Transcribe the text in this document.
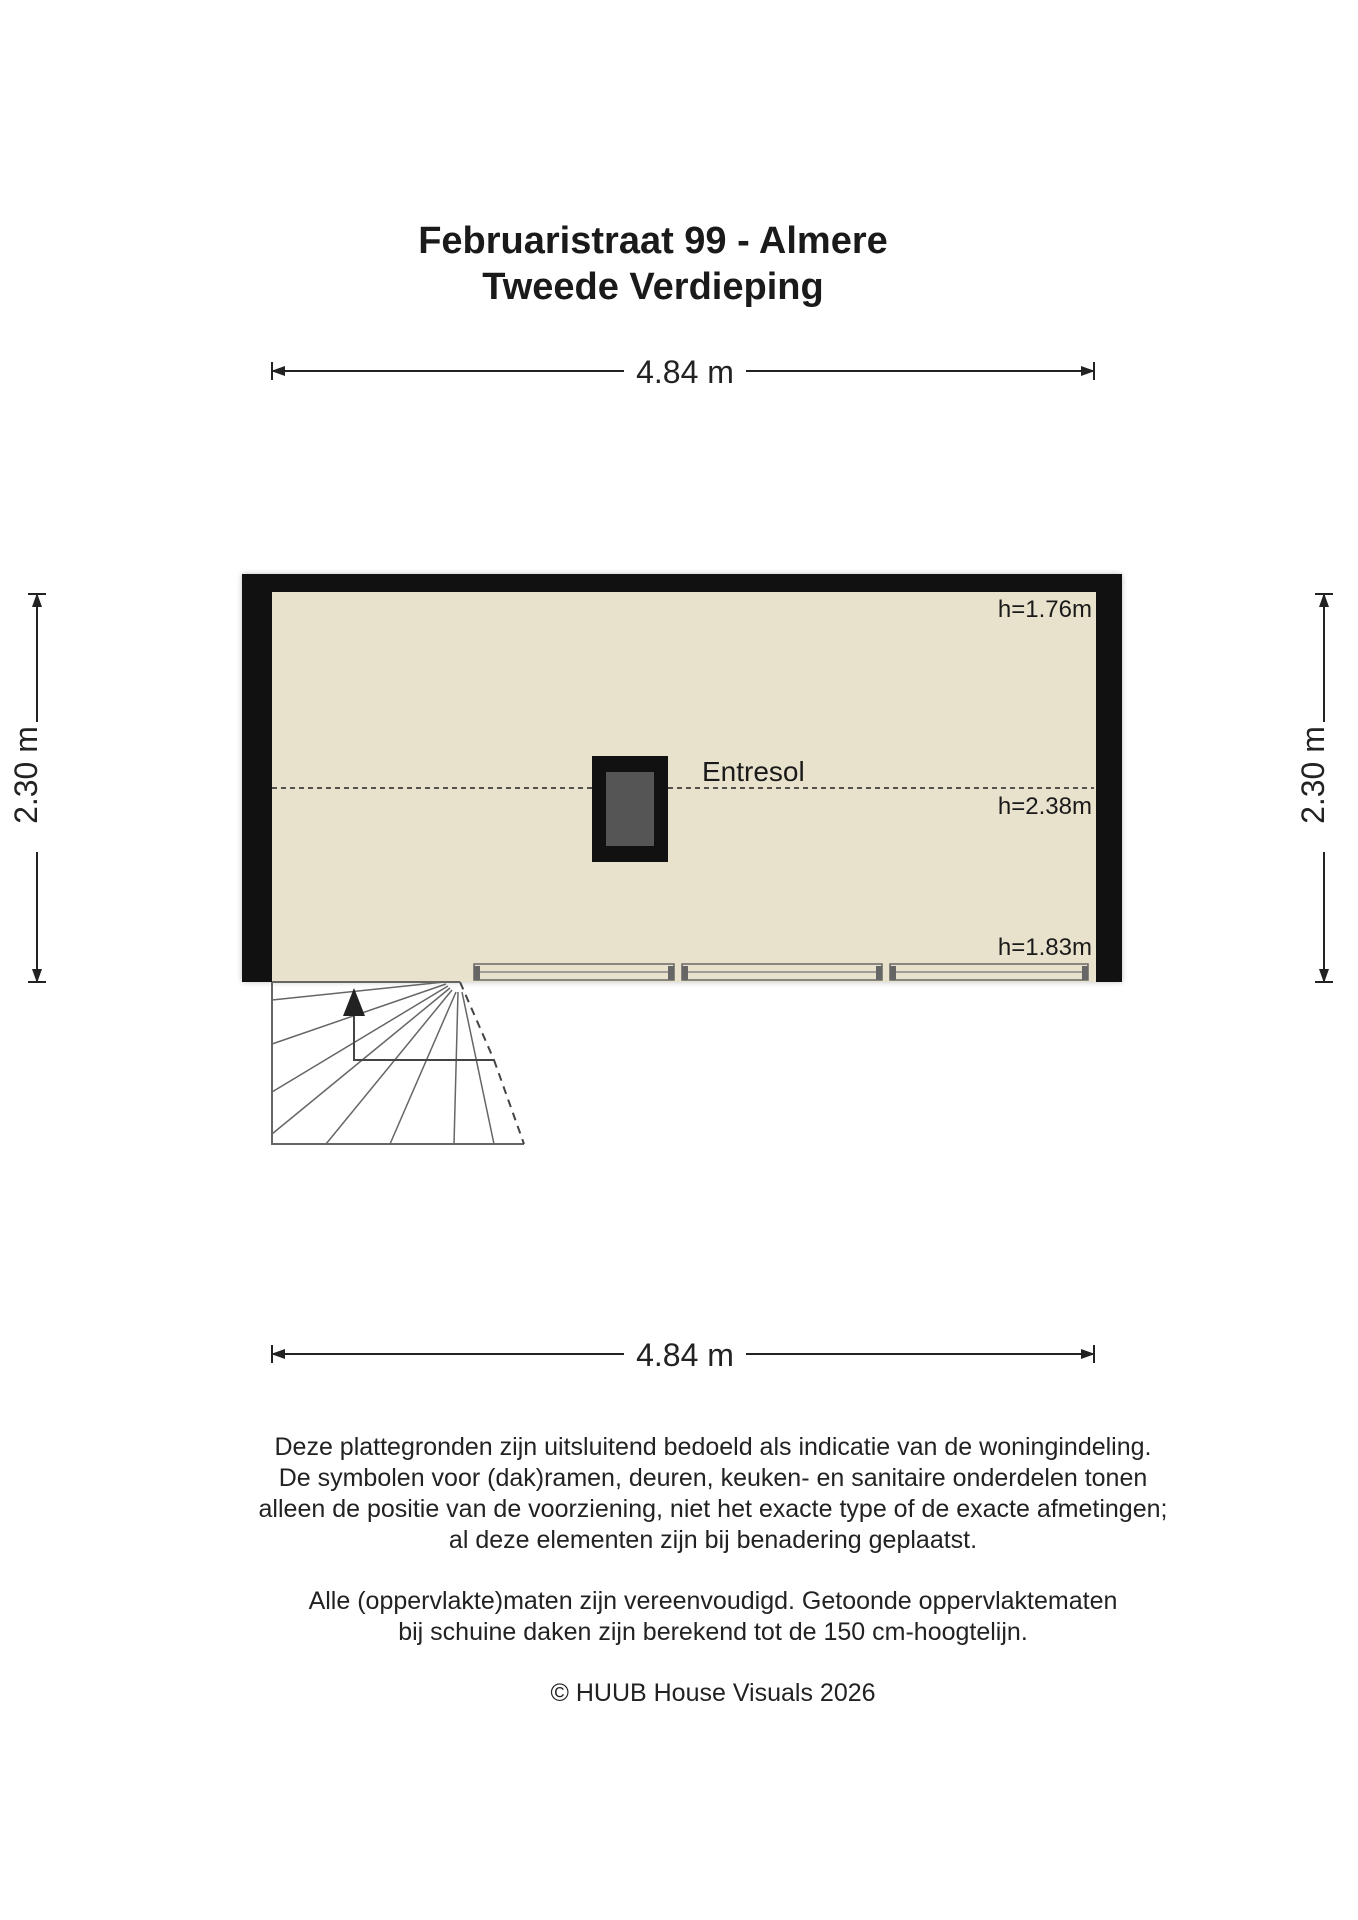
Februaristraat 99 - Almere
Tweede Verdieping
4.84 m
4.84 m
2.30 m	2.30 m
Entresol
h=1.76m
h=2.38m
h=1.83m

Deze plattegronden zijn uitsluitend bedoeld als indicatie van de woningindeling.

De symbolen voor (dak)ramen, deuren, keuken- en sanitaire onderdelen tonen

alleen de positie van de voorziening, niet het exacte type of de exacte afmetingen;

al deze elementen zijn bij benadering geplaatst.

Alle (oppervlakte)maten zijn vereenvoudigd. Getoonde oppervlaktematen

bij schuine daken zijn berekend tot de 150 cm-hoogtelijn.

© HUUB House Visuals 2026
